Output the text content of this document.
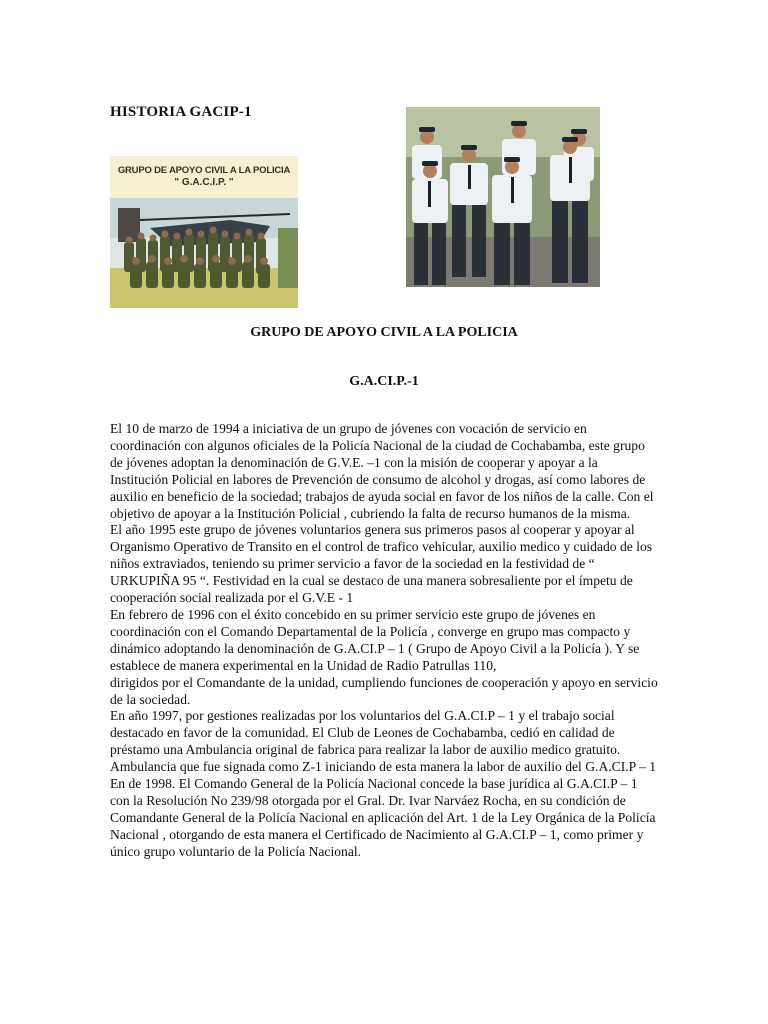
HISTORIA GACIP-1
GRUPO DE APOYO CIVIL A LA POLICIA
" G.A.C.I.P. "
GRUPO DE APOYO CIVIL A LA POLICIA
G.A.CI.P.-1

El 10 de marzo de 1994 a iniciativa de un grupo de jóvenes con vocación de servicio en coordinación con algunos oficiales de la Policía Nacional de la ciudad de Cochabamba, este grupo de jóvenes adoptan la denominación de G.V.E. –1 con la misión de cooperar y apoyar a la Institución Policial en labores de Prevención de consumo de alcohol y drogas, así como labores de auxilio en beneficio de la sociedad; trabajos de ayuda social en favor de los niños de la calle. Con el objetivo de apoyar a la Institución Policial , cubriendo la falta de recurso humanos de la misma.

El año 1995 este grupo de jóvenes voluntarios genera sus primeros pasos al cooperar y apoyar al Organismo Operativo de Transito en el control de trafico vehicular, auxilio medico y cuidado de los niños extraviados, teniendo su primer servicio a favor de la sociedad en la festividad de “ URKUPIÑA 95 “. Festividad en la cual se destaco de una manera sobresaliente por el ímpetu de cooperación social realizada por el G.V.E - 1

En febrero de 1996 con el éxito concebido en su primer servicio este grupo de jóvenes en coordinación con el Comando Departamental de la Policía , converge en grupo mas compacto y dinámico adoptando la denominación de G.A.CI.P – 1 ( Grupo de Apoyo Civil a la Policía ). Y se establece de manera experimental en la Unidad de Radio Patrullas 110,

dirigidos por el Comandante de la unidad, cumpliendo funciones de cooperación y apoyo en servicio de la sociedad.

En año 1997, por gestiones realizadas por los voluntarios del G.A.CI.P – 1 y el trabajo social destacado en favor de la comunidad. El Club de Leones de Cochabamba, cedió en calidad de préstamo una Ambulancia original de fabrica para realizar la labor de auxilio medico gratuito. Ambulancia que fue signada como Z-1 iniciando de esta manera la labor de auxilio del G.A.CI.P – 1

En de 1998. El Comando General de la Policía Nacional concede la base jurídica al G.A.CI.P – 1 con la Resolución No 239/98 otorgada por el Gral. Dr. Ivar Narváez Rocha, en su condición de Comandante General de la Policía Nacional en aplicación del Art. 1 de la Ley Orgánica de la Policía Nacional , otorgando de esta manera el Certificado de Nacimiento al G.A.CI.P – 1, como primer y único grupo voluntario de la Policía Nacional.
